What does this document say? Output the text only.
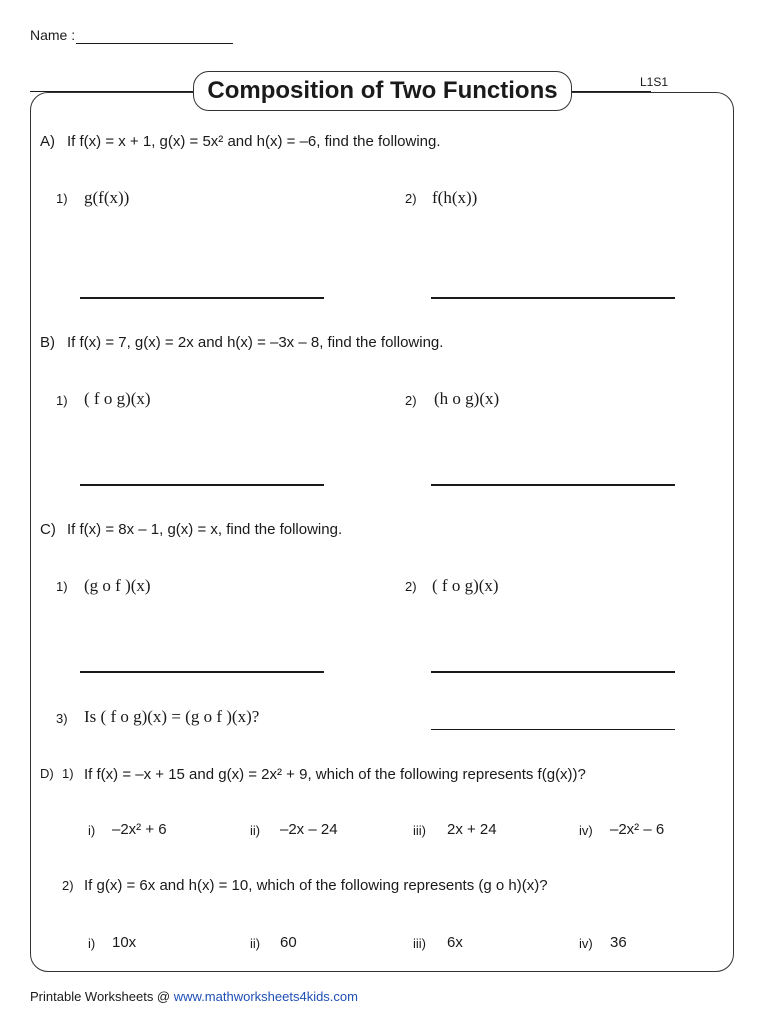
Name :
Composition of Two Functions	L1S1
A) If f(x) = x + 1, g(x) = 5x² and h(x) = –6, find the following.
1) g(f(x))	2) f(h(x))
B) If f(x) = 7, g(x) = 2x and h(x) = –3x – 8, find the following.
1) ( f o g)(x)	2) (h o g)(x)
C) If f(x) = 8x – 1, g(x) = x, find the following.
1) (g o f )(x)	2) ( f o g)(x)
3) Is ( f o g)(x) = (g o f )(x)?
D) 1) If f(x) = –x + 15 and g(x) = 2x² + 9, which of the following represents f(g(x))?
i) –2x² + 6	ii) –2x – 24	iii) 2x + 24	iv) –2x² – 6
2) If g(x) = 6x and h(x) = 10, which of the following represents (g o h)(x)?
i) 10x	ii) 60	iii) 6x	iv) 36
Printable Worksheets @ www.mathworksheets4kids.com
